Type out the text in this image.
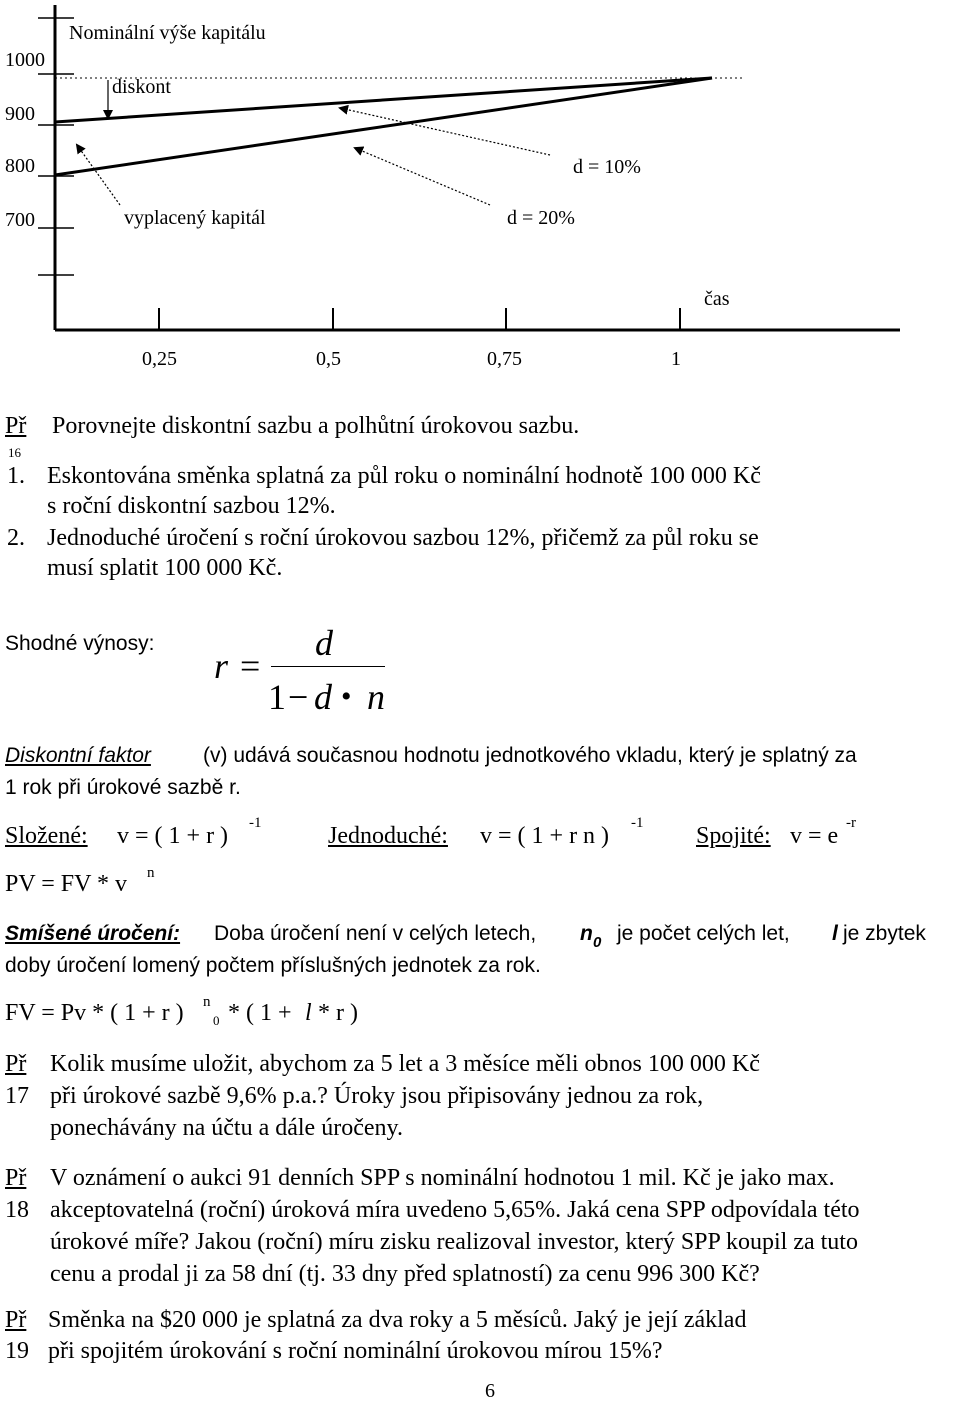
1000
900
800
700
Nominální výše kapitálu
diskont
vyplacený kapitál
d = 10%
d = 20%
čas
0,25	0,5	0,75	1
Př Porovnejte diskontní sazbu a polhůtní úrokovou sazbu.
16
1. Eskontována směnka splatná za půl roku o nominální hodnotě 100 000 Kč
s roční diskontní sazbou 12%.
2. Jednoduché úročení s roční úrokovou sazbou 12%, přičemž za půl roku se
musí splatit 100 000 Kč.
Shodné výnosy:
r =
d
1 − d • n
Diskontní faktor (v) udává současnou hodnotu jednotkového vkladu, který je splatný za
1 rok při úrokové sazbě r.
Složené: v = ( 1 + r ) -1	Jednoduché: v = ( 1 + r n ) -1 Spojité: v = e -r
PV = FV * v n
Smíšené úročení: Doba úročení není v celých letech, n 0 je počet celých let, l je zbytek
doby úročení lomený počtem příslušných jednotek za rok.
FV = Pv * ( 1 + r ) n
0 * ( 1 + l * r )
Př
17
Kolik musíme uložit, abychom za 5 let a 3 měsíce měli obnos 100 000 Kč
při úrokové sazbě 9,6% p.a.? Úroky jsou připisovány jednou za rok,
ponechávány na účtu a dále úročeny.
Př
18
V oznámení o aukci 91 denních SPP s nominální hodnotou 1 mil. Kč je jako max.
akceptovatelná (roční) úroková míra uvedeno 5,65%. Jaká cena SPP odpovídala této
úrokové míře? Jakou (roční) míru zisku realizoval investor, který SPP koupil za tuto
cenu a prodal ji za 58 dní (tj. 33 dny před splatností) za cenu 996 300 Kč?
Př
19
Směnka na $20 000 je splatná za dva roky a 5 měsíců. Jaký je její základ
při spojitém úrokování s roční nominální úrokovou mírou 15%?
6
